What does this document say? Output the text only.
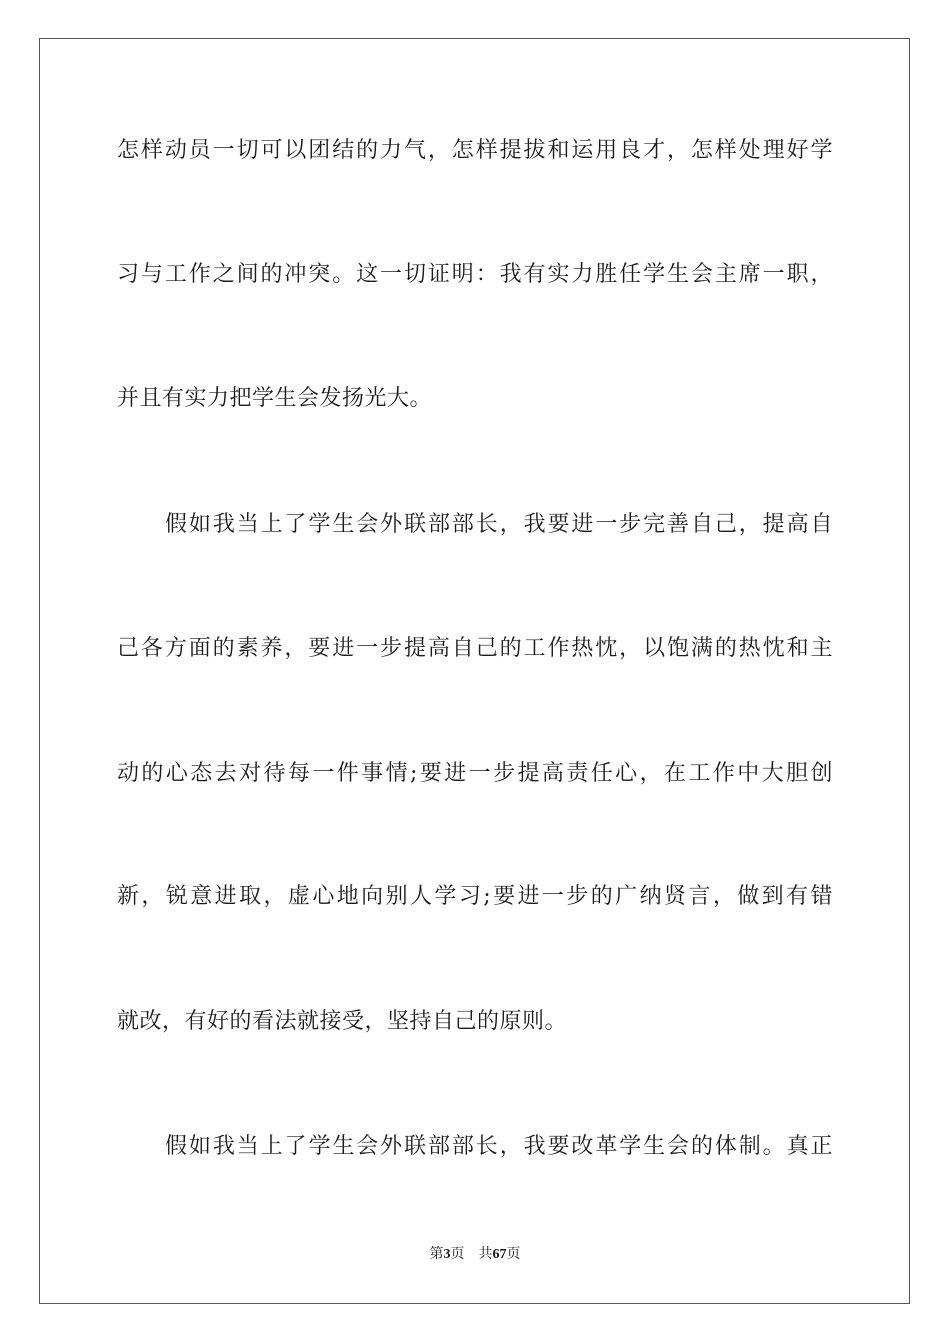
怎样动员一切可以团结的力气，怎样提拔和运用良才，怎样处理好学
习与工作之间的冲突。这一切证明：我有实力胜任学生会主席一职，
并且有实力把学生会发扬光大。
假如我当上了学生会外联部部长，我要进一步完善自己，提高自
己各方面的素养，要进一步提高自己的工作热忱，以饱满的热忱和主
动的心态去对待每一件事情;要进一步提高责任心，在工作中大胆创
新，锐意进取，虚心地向别人学习;要进一步的广纳贤言，做到有错
就改，有好的看法就接受，坚持自己的原则。
假如我当上了学生会外联部部长，我要改革学生会的体制。真正
第3页 共67页
